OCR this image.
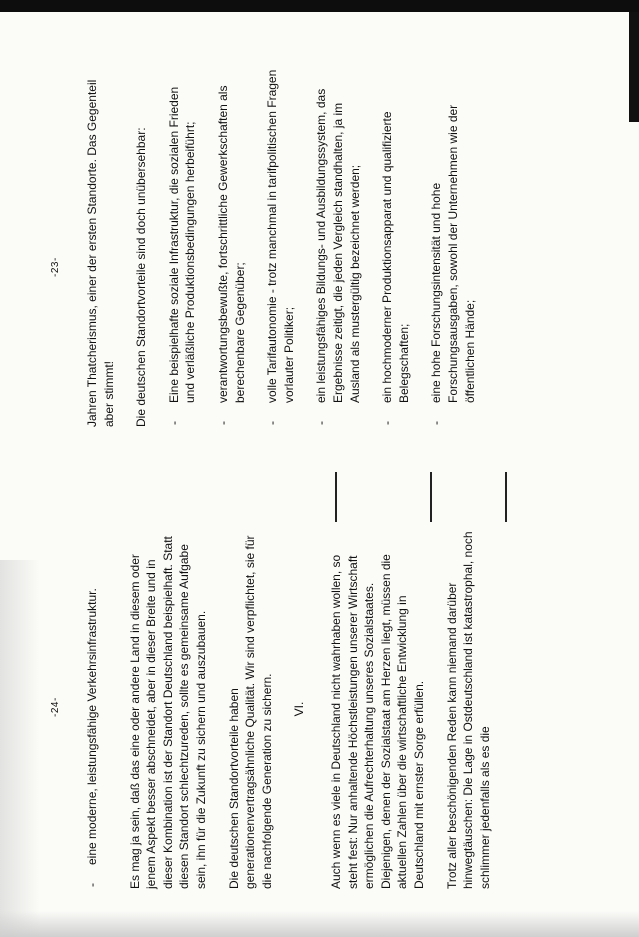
-24-
-
eine moderne, leistungsfähige Verkehrsinfrastruktur. Es mag ja sein, daß das eine oder andere Land in diesem oder jenem Aspekt besser abschneidet, aber in dieser Breite und in dieser Kombination ist der Standort Deutschland beispielhaft. Statt diesen Standort schlechtzureden, sollte es gemeinsame Aufgabe sein, ihn für die Zukunft zu sichern und auszubauen. Die deutschen Standortvorteile haben generationenvertragsähnliche Qualität. Wir sind verpflichtet, sie für die nachfolgende Generation zu sichern. VI. Auch wenn es viele in Deutschland nicht wahrhaben wollen, so steht fest: Nur anhaltende Höchstleistungen unserer Wirtschaft ermöglichen die Aufrechterhaltung unseres Sozialstaates. Diejenigen, denen der Sozialstaat am Herzen liegt, müssen die aktuellen Zahlen über die wirtschaftliche Entwicklung in Deutschland mit ernster Sorge erfüllen. Trotz aller beschönigenden Reden kann niemand darüber hinwegtäuschen: Die Lage in Ostdeutschland ist katastrophal, noch schlimmer jedenfalls als es die

-23- Jahren Thatcherismus, einer der ersten Standorte. Das Gegenteil aber stimmt! Die deutschen Standortvorteile sind doch unübersehbar: -
Eine beispielhafte soziale Infrastruktur, die sozialen Frieden und verläßliche Produktionsbedingungen herbeiführt;
-
verantwortungsbewußte, fortschrittliche Gewerkschaften als berechenbare Gegenüber;
-
volle Tarifautonomie - trotz manchmal in tarifpolitischen Fragen vorlauter Politiker;
-
ein leistungsfähiges Bildungs- und Ausbildungssystem, das Ergebnisse zeitigt, die jeden Vergleich standhalten, ja im Ausland als mustergültig bezeichnet werden;
-
ein hochmoderner Produktionsapparat und qualifizierte Belegschaften;
-
eine hohe Forschungsintensität und hohe Forschungsausgaben, sowohl der Unternehmen wie der öffentlichen Hände;
